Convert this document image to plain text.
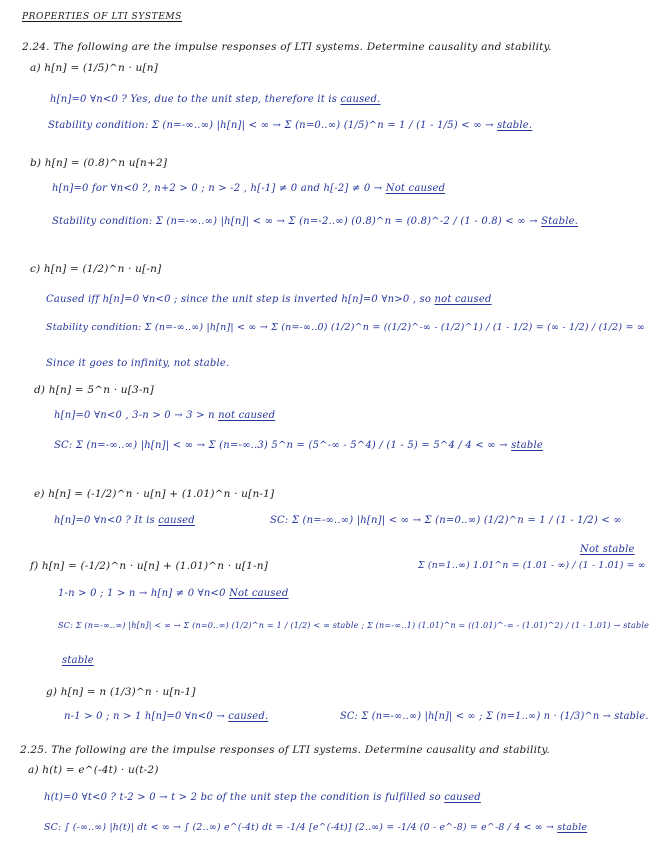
PROPERTIES OF LTI SYSTEMS
2.24. The following are the impulse responses of LTI systems. Determine causality and stability.
a) h[n] = (1/5)^n · u[n]
h[n]=0 ∀n<0 ? Yes, due to the unit step, therefore it is caused.
Stability condition: Σ (n=-∞..∞) |h[n]| < ∞ → Σ (n=0..∞) (1/5)^n = 1 / (1 - 1/5) < ∞ → stable.
b) h[n] = (0.8)^n u[n+2]
h[n]=0 for ∀n<0 ?, n+2 > 0 ; n > -2 , h[-1] ≠ 0 and h[-2] ≠ 0 → Not caused
Stability condition: Σ (n=-∞..∞) |h[n]| < ∞ → Σ (n=-2..∞) (0.8)^n = (0.8)^-2 / (1 - 0.8) < ∞ → Stable.
c) h[n] = (1/2)^n · u[-n]
Caused iff h[n]=0 ∀n<0 ; since the unit step is inverted h[n]=0 ∀n>0 , so not caused
Stability condition: Σ (n=-∞..∞) |h[n]| < ∞ → Σ (n=-∞..0) (1/2)^n = ((1/2)^-∞ - (1/2)^1) / (1 - 1/2) = (∞ - 1/2) / (1/2) = ∞
Since it goes to infinity, not stable.
d) h[n] = 5^n · u[3-n]
h[n]=0 ∀n<0 , 3-n > 0 → 3 > n not caused
SC: Σ (n=-∞..∞) |h[n]| < ∞ → Σ (n=-∞..3) 5^n = (5^-∞ - 5^4) / (1 - 5) = 5^4 / 4 < ∞ → stable
e) h[n] = (-1/2)^n · u[n] + (1.01)^n · u[n-1]
h[n]=0 ∀n<0 ? It is caused	SC: Σ (n=-∞..∞) |h[n]| < ∞ → Σ (n=0..∞) (1/2)^n = 1 / (1 - 1/2) < ∞
Σ (n=1..∞) 1.01^n = (1.01 - ∞) / (1 - 1.01) = ∞
Not stable
f) h[n] = (-1/2)^n · u[n] + (1.01)^n · u[1-n]
1-n > 0 ; 1 > n → h[n] ≠ 0 ∀n<0 Not caused
SC: Σ (n=-∞..∞) |h[n]| < ∞ → Σ (n=0..∞) (1/2)^n = 1 / (1/2) < ∞ stable ; Σ (n=-∞..1) (1.01)^n = ((1.01)^-∞ - (1.01)^2) / (1 - 1.01) → stable
stable
g) h[n] = n (1/3)^n · u[n-1]
n-1 > 0 ; n > 1 h[n]=0 ∀n<0 → caused.	SC: Σ (n=-∞..∞) |h[n]| < ∞ ; Σ (n=1..∞) n · (1/3)^n → stable.
2.25. The following are the impulse responses of LTI systems. Determine causality and stability.
a) h(t) = e^(-4t) · u(t-2)
h(t)=0 ∀t<0 ? t-2 > 0 → t > 2 bc of the unit step the condition is fulfilled so caused
SC: ∫ (-∞..∞) |h(t)| dt < ∞ → ∫ (2..∞) e^(-4t) dt = -1/4 [e^(-4t)] (2..∞) = -1/4 (0 - e^-8) = e^-8 / 4 < ∞ → stable
